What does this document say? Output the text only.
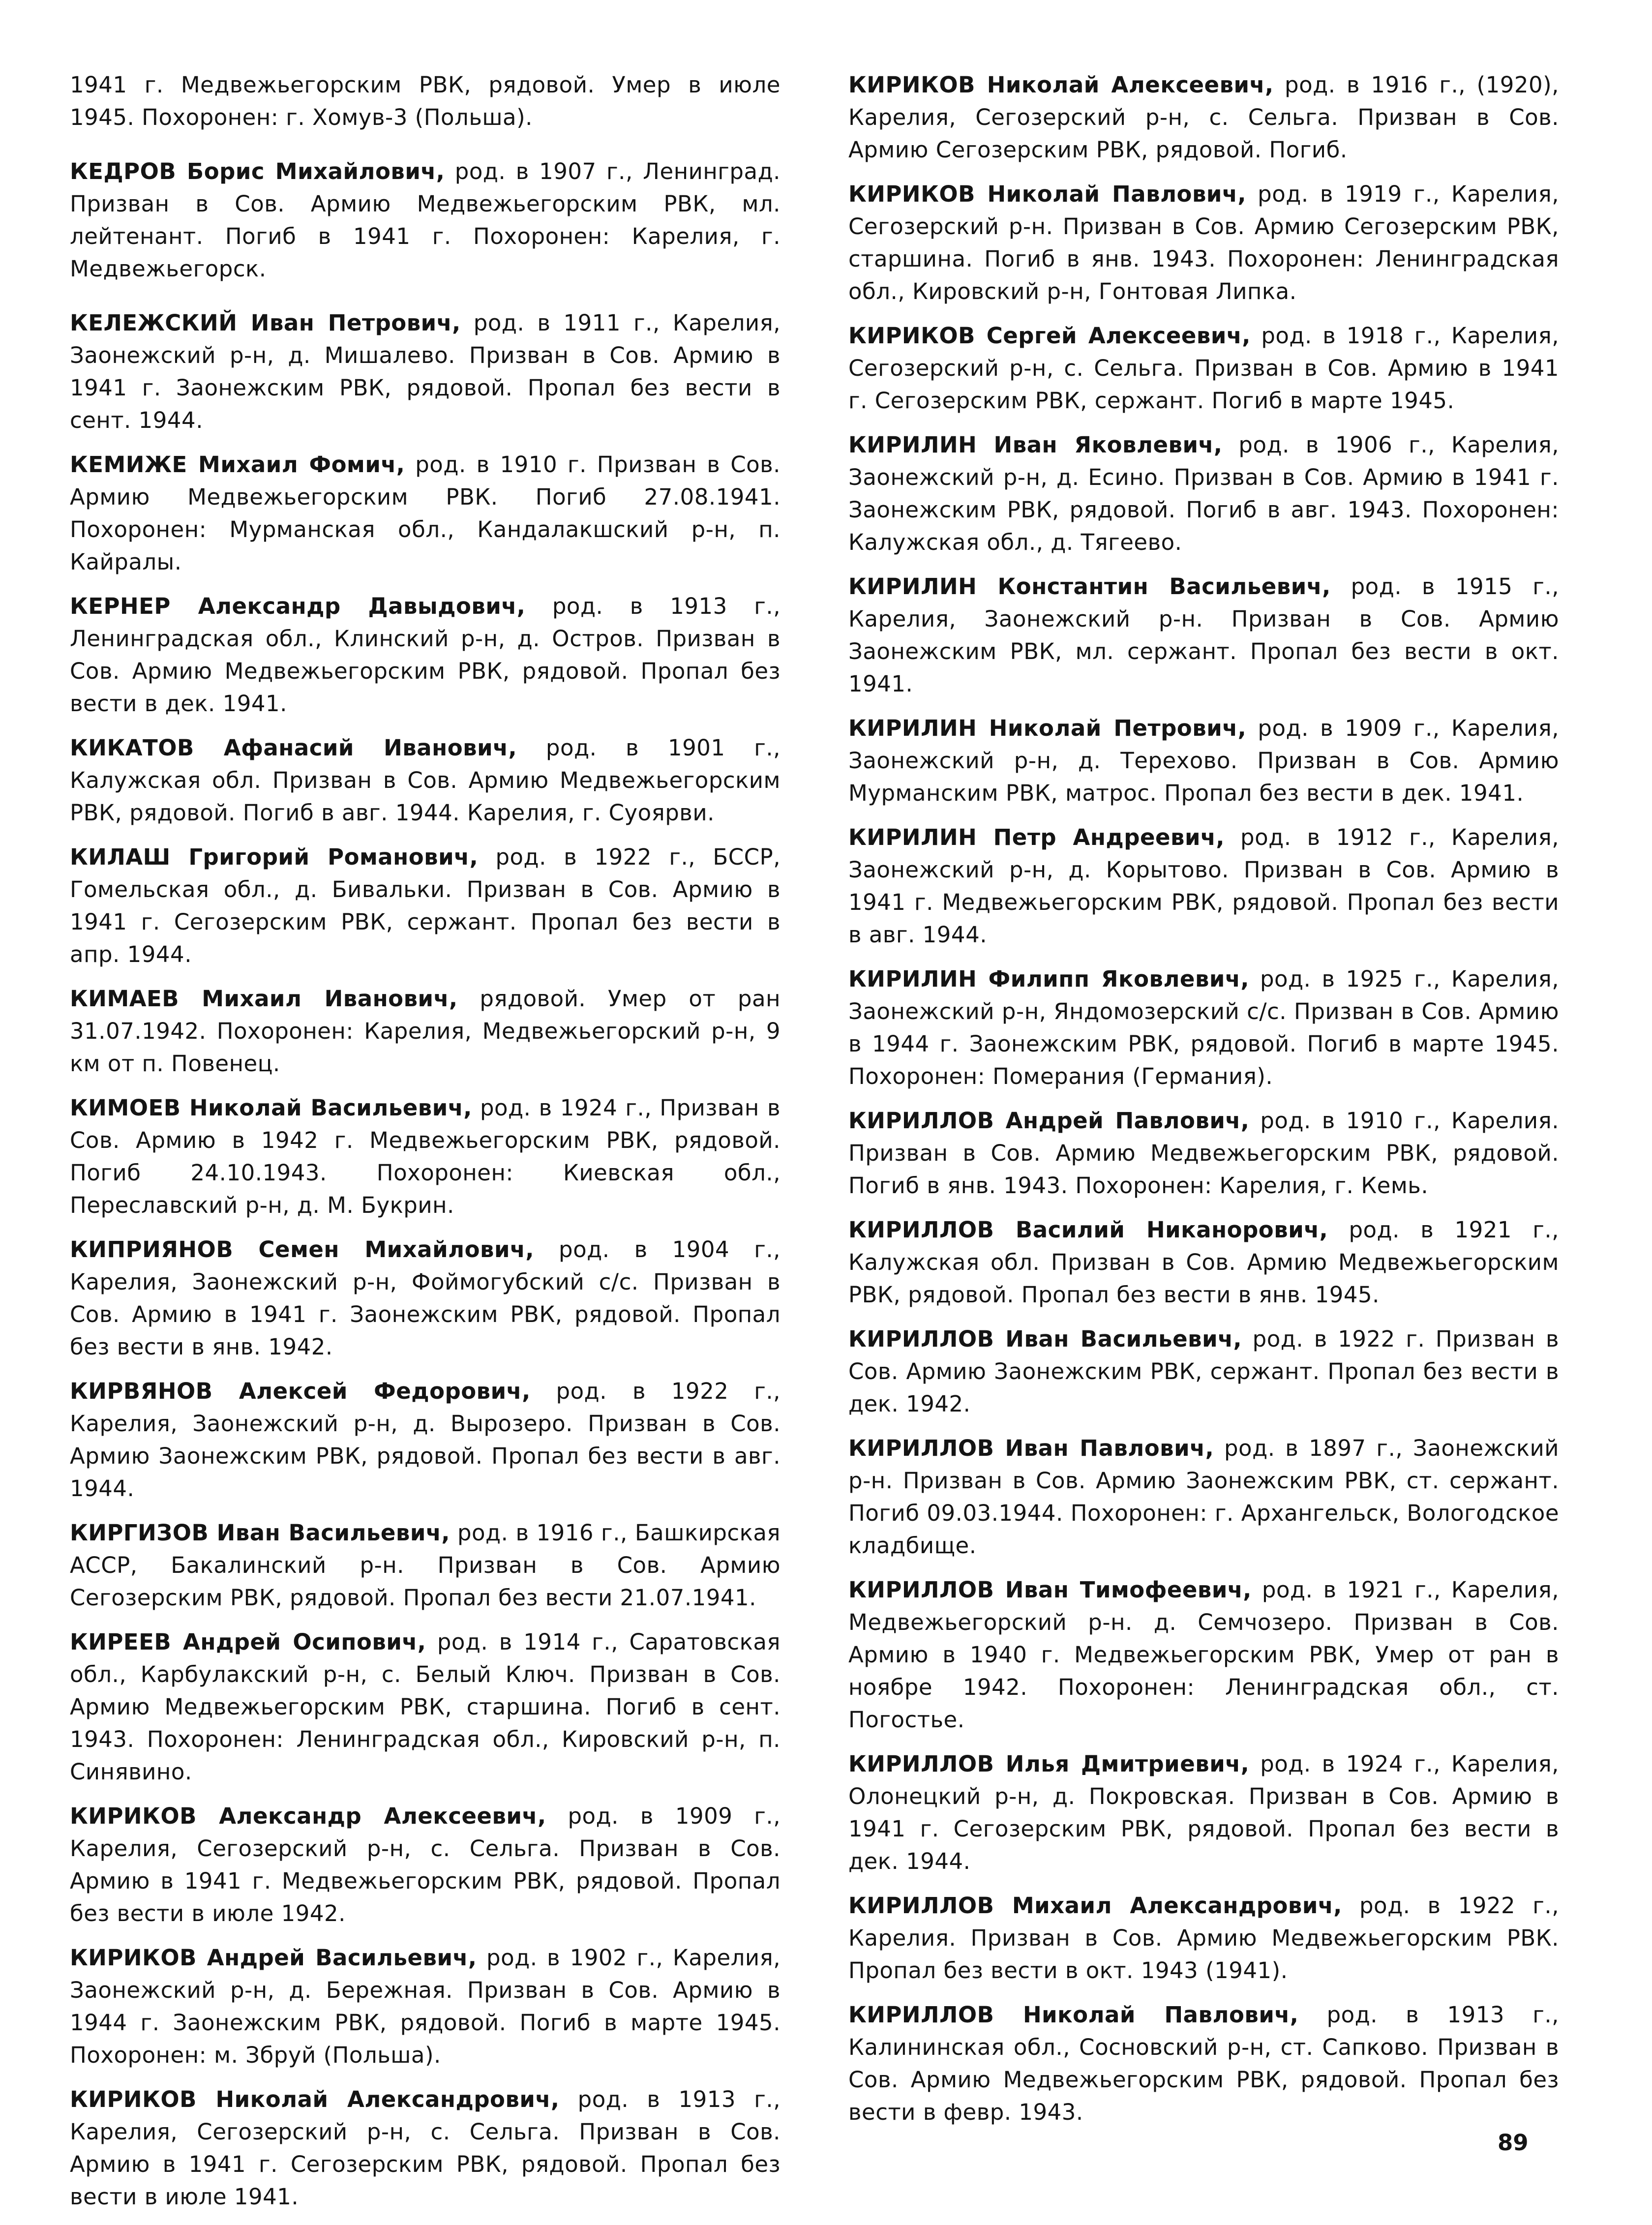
1941 г. Медвежьегорским РВК, рядовой. Умер в июле 1945. Похоронен: г. Хомув-3 (Польша).

КЕДРОВ Борис Михайлович, род. в 1907 г., Ленинград. Призван в Сов. Армию Медвежьегорским РВК, мл. лейтенант. Погиб в 1941 г. Похоронен: Карелия, г. Медвежьегорск.

КЕЛЕЖСКИЙ Иван Петрович, род. в 1911 г., Карелия, Заонежский р-н, д. Мишалево. Призван в Сов. Армию в 1941 г. Заонежским РВК, рядовой. Пропал без вести в сент. 1944.

КЕМИЖЕ Михаил Фомич, род. в 1910 г. Призван в Сов. Армию Медвежьегорским РВК. Погиб 27.08.1941. Похоронен: Мурманская обл., Кандалакшский р-н, п. Кайралы.

КЕРНЕР Александр Давыдович, род. в 1913 г., Ленинградская обл., Клинский р-н, д. Остров. Призван в Сов. Армию Медвежьегорским РВК, рядовой. Пропал без вести в дек. 1941.

КИКАТОВ Афанасий Иванович, род. в 1901 г., Калужская обл. Призван в Сов. Армию Медвежьегорским РВК, рядовой. Погиб в авг. 1944. Карелия, г. Суоярви.

КИЛАШ Григорий Романович, род. в 1922 г., БССР, Гомельская обл., д. Бивальки. Призван в Сов. Армию в 1941 г. Сегозерским РВК, сержант. Пропал без вести в апр. 1944.

КИМАЕВ Михаил Иванович, рядовой. Умер от ран 31.07.1942. Похоронен: Карелия, Медвежьегорский р-н, 9 км от п. Повенец.

КИМОЕВ Николай Васильевич, род. в 1924 г., Призван в Сов. Армию в 1942 г. Медвежьегорским РВК, рядовой. Погиб 24.10.1943. Похоронен: Киевская обл., Переславский р-н, д. М. Букрин.

КИПРИЯНОВ Семен Михайлович, род. в 1904 г., Карелия, Заонежский р-н, Фоймогубский с/с. Призван в Сов. Армию в 1941 г. Заонежским РВК, рядовой. Пропал без вести в янв. 1942.

КИРВЯНОВ Алексей Федорович, род. в 1922 г., Карелия, Заонежский р-н, д. Вырозеро. Призван в Сов. Армию Заонежским РВК, рядовой. Пропал без вести в авг. 1944.

КИРГИЗОВ Иван Васильевич, род. в 1916 г., Башкирская АССР, Бакалинский р-н. Призван в Сов. Армию Сегозерским РВК, рядовой. Пропал без вести 21.07.1941.

КИРЕЕВ Андрей Осипович, род. в 1914 г., Саратовская обл., Карбулакский р-н, с. Белый Ключ. Призван в Сов. Армию Медвежьегорским РВК, старшина. Погиб в сент. 1943. Похоронен: Ленинградская обл., Кировский р-н, п. Синявино.

КИРИКОВ Александр Алексеевич, род. в 1909 г., Карелия, Сегозерский р-н, с. Сельга. Призван в Сов. Армию в 1941 г. Медвежьегорским РВК, рядовой. Пропал без вести в июле 1942.

КИРИКОВ Андрей Васильевич, род. в 1902 г., Карелия, Заонежский р-н, д. Бережная. Призван в Сов. Армию в 1944 г. Заонежским РВК, рядовой. Погиб в марте 1945. Похоронен: м. Збруй (Польша).

КИРИКОВ Николай Александрович, род. в 1913 г., Карелия, Сегозерский р-н, с. Сельга. Призван в Сов. Армию в 1941 г. Сегозерским РВК, рядовой. Пропал без вести в июле 1941.

КИРИКОВ Николай Алексеевич, род. в 1916 г., (1920), Карелия, Сегозерский р-н, с. Сельга. Призван в Сов. Армию Сегозерским РВК, рядовой. Погиб.

КИРИКОВ Николай Павлович, род. в 1919 г., Карелия, Сегозерский р-н. Призван в Сов. Армию Сегозерским РВК, старшина. Погиб в янв. 1943. Похоронен: Ленинградская обл., Кировский р-н, Гонтовая Липка.

КИРИКОВ Сергей Алексеевич, род. в 1918 г., Карелия, Сегозерский р-н, с. Сельга. Призван в Сов. Армию в 1941 г. Сегозерским РВК, сержант. Погиб в марте 1945.

КИРИЛИН Иван Яковлевич, род. в 1906 г., Карелия, Заонежский р-н, д. Есино. Призван в Сов. Армию в 1941 г. Заонежским РВК, рядовой. Погиб в авг. 1943. Похоронен: Калужская обл., д. Тягеево.

КИРИЛИН Константин Васильевич, род. в 1915 г., Карелия, Заонежский р-н. Призван в Сов. Армию Заонежским РВК, мл. сержант. Пропал без вести в окт. 1941.

КИРИЛИН Николай Петрович, род. в 1909 г., Карелия, Заонежский р-н, д. Терехово. Призван в Сов. Армию Мурманским РВК, матрос. Пропал без вести в дек. 1941.

КИРИЛИН Петр Андреевич, род. в 1912 г., Карелия, Заонежский р-н, д. Корытово. Призван в Сов. Армию в 1941 г. Медвежьегорским РВК, рядовой. Пропал без вести в авг. 1944.

КИРИЛИН Филипп Яковлевич, род. в 1925 г., Карелия, Заонежский р-н, Яндомозерский с/с. Призван в Сов. Армию в 1944 г. Заонежским РВК, рядовой. Погиб в марте 1945. Похоронен: Померания (Германия).

КИРИЛЛОВ Андрей Павлович, род. в 1910 г., Карелия. Призван в Сов. Армию Медвежьегорским РВК, рядовой. Погиб в янв. 1943. Похоронен: Карелия, г. Кемь.

КИРИЛЛОВ Василий Никанорович, род. в 1921 г., Калужская обл. Призван в Сов. Армию Медвежьегорским РВК, рядовой. Пропал без вести в янв. 1945.

КИРИЛЛОВ Иван Васильевич, род. в 1922 г. Призван в Сов. Армию Заонежским РВК, сержант. Пропал без вести в дек. 1942.

КИРИЛЛОВ Иван Павлович, род. в 1897 г., Заонежский р-н. Призван в Сов. Армию Заонежским РВК, ст. сержант. Погиб 09.03.1944. Похоронен: г. Архангельск, Вологодское кладбище.

КИРИЛЛОВ Иван Тимофеевич, род. в 1921 г., Карелия, Медвежьегорский р-н. д. Семчозеро. Призван в Сов. Армию в 1940 г. Медвежьегорским РВК, Умер от ран в ноябре 1942. Похоронен: Ленинградская обл., ст. Погостье.

КИРИЛЛОВ Илья Дмитриевич, род. в 1924 г., Карелия, Олонецкий р-н, д. Покровская. Призван в Сов. Армию в 1941 г. Сегозерским РВК, рядовой. Пропал без вести в дек. 1944.

КИРИЛЛОВ Михаил Александрович, род. в 1922 г., Карелия. Призван в Сов. Армию Медвежьегорским РВК. Пропал без вести в окт. 1943 (1941).

КИРИЛЛОВ Николай Павлович, род. в 1913 г., Калининская обл., Сосновский р-н, ст. Сапково. Призван в Сов. Армию Медвежьегорским РВК, рядовой. Пропал без вести в февр. 1943.

89
